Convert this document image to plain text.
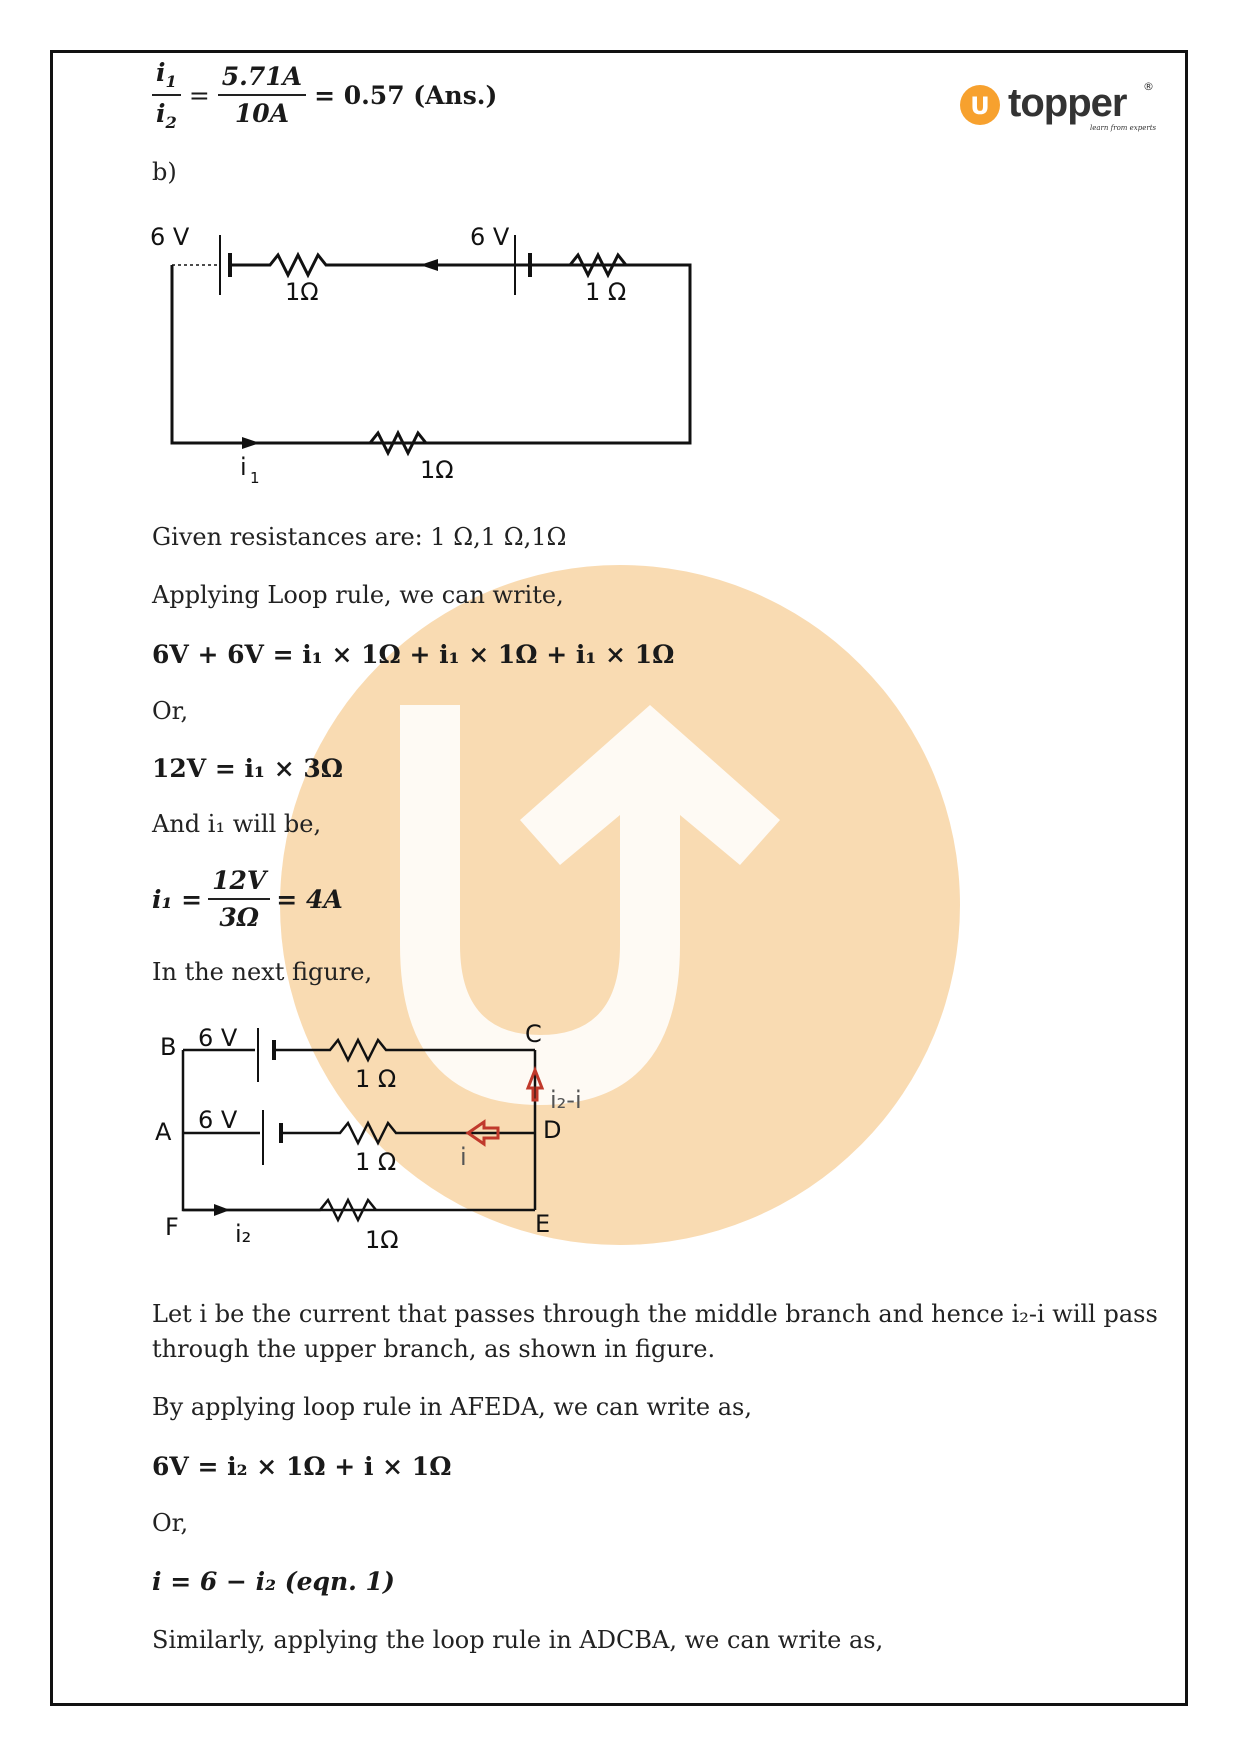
U topper ®
learn from experts
$\frac{i_1}{i_2} = \frac{5.71A}{10A} = 0.57$ (Ans.)
b)
6 V	6 V
1Ω	1 Ω
1Ω
i 1
Given resistances are: 1 Ω,1 Ω,1Ω
Applying Loop rule, we can write,
6V + 6V = i₁ × 1Ω + i₁ × 1Ω + i₁ × 1Ω
Or,
12V = i₁ × 3Ω
And i₁ will be,
$i_1 = \frac{12V}{3\Omega} = 4A$
In the next figure,
B
A
F
C
D
E
6 V
6 V
1 Ω
1 Ω
1Ω
i
i₂
i₂-i
Let i be the current that passes through the middle branch and hence i₂-i will pass
through the upper branch, as shown in figure.
By applying loop rule in AFEDA, we can write as,
6V = i₂ × 1Ω + i × 1Ω
Or,
i = 6 − i₂ (eqn. 1)
Similarly, applying the loop rule in ADCBA, we can write as,
